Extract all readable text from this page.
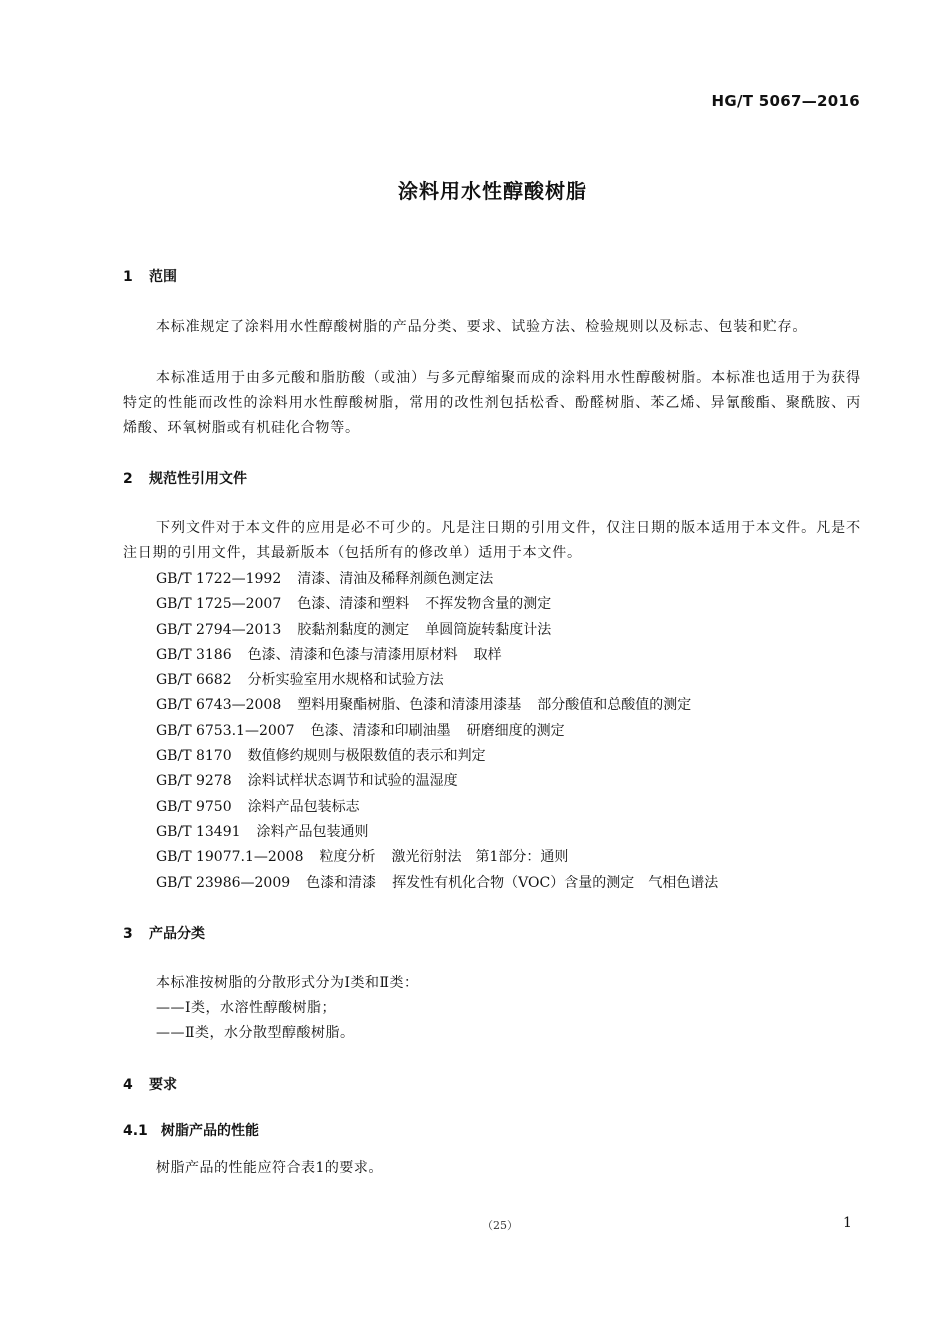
HG/T 5067—2016
涂料用水性醇酸树脂
1 范围
本标准规定了涂料用水性醇酸树脂的产品分类、要求、试验方法、检验规则以及标志、包装和贮存。
本标准适用于由多元酸和脂肪酸（或油）与多元醇缩聚而成的涂料用水性醇酸树脂。本标准也适用于为获得特定的性能而改性的涂料用水性醇酸树脂，常用的改性剂包括松香、酚醛树脂、苯乙烯、异氰酸酯、聚酰胺、丙烯酸、环氧树脂或有机硅化合物等。
2 规范性引用文件
下列文件对于本文件的应用是必不可少的。凡是注日期的引用文件，仅注日期的版本适用于本文件。凡是不注日期的引用文件，其最新版本（包括所有的修改单）适用于本文件。
GB/T 1722—1992 清漆、清油及稀释剂颜色测定法
GB/T 1725—2007 色漆、清漆和塑料 不挥发物含量的测定
GB/T 2794—2013 胶黏剂黏度的测定 单圆筒旋转黏度计法
GB/T 3186 色漆、清漆和色漆与清漆用原材料 取样
GB/T 6682 分析实验室用水规格和试验方法
GB/T 6743—2008 塑料用聚酯树脂、色漆和清漆用漆基 部分酸值和总酸值的测定
GB/T 6753.1—2007 色漆、清漆和印刷油墨 研磨细度的测定
GB/T 8170 数值修约规则与极限数值的表示和判定
GB/T 9278 涂料试样状态调节和试验的温湿度
GB/T 9750 涂料产品包装标志
GB/T 13491 涂料产品包装通则
GB/T 19077.1—2008 粒度分析 激光衍射法　第1部分：通则
GB/T 23986—2009 色漆和清漆 挥发性有机化合物（VOC）含量的测定　气相色谱法
3 产品分类
本标准按树脂的分散形式分为Ⅰ类和Ⅱ类：
——Ⅰ类，水溶性醇酸树脂；
——Ⅱ类，水分散型醇酸树脂。
4 要求
4.1 树脂产品的性能
树脂产品的性能应符合表1的要求。
（25）	1
